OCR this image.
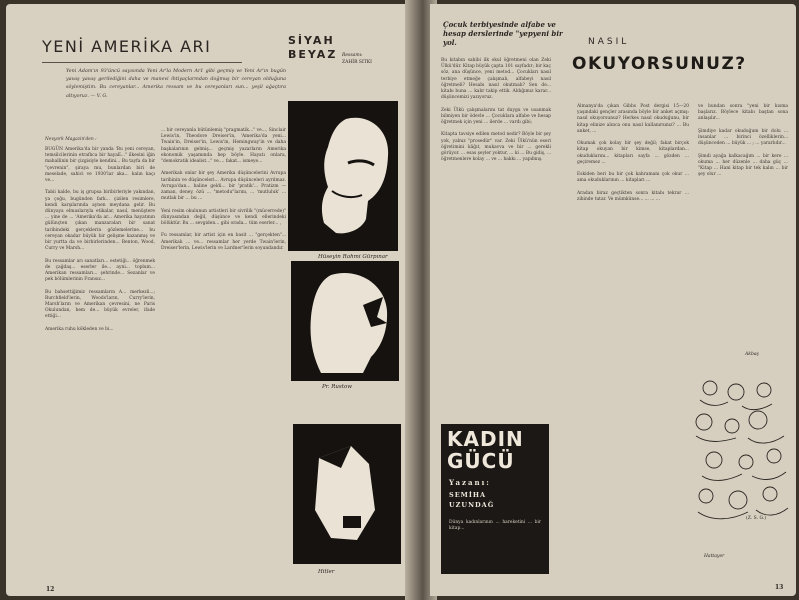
YENİ AMERİKA ARI
Yeni Adam'ın 93'üncü sayısında Yeni Ar'la Modern Ar1 gibi geçmiş ve Yeni Ar'ın bugün yavaş yavaş gerilediğini daha ve manevi ihtiyaçlarından doğmuş bir cereyan olduğuna söylemiştim. Bu cereyanlar... Amerika ressam ve bu cereyanları sun... yeşil ağaçtıra altıyoruz. — V. G.
Nevyork Magazin'den :
BUGÜN Amerika'da bir yanda 'Bu yeni cereyan, temsilcilerinin etraflıca bir hayalî..." ilkesini iğin mahallinin bir çizgisiyle kendini... Bu tayfa da bir "çevrenin", şiraya mu, bunlardan biri de meselade, sahici ve 1930'lar aka... kalın kaçı ve...

Tabii kalde, bu iş grupsa biribirleriyle yakından, ya çoğu, bugünden fark... çizilen resimlere, kendi karşılarında aynen meydana gelir. Bu dünyaya elmaslarıyla etikalar, nasıl, menüştere ... yine de ... 'Amerika'da ar... Amerika hayatının gülünçten çıkan manzaraları bir sanat tarihindeki gerçeklerin gözlemelerine... bu cereyan okadar büyük bir gelişme kazanmış ve bir yurtta da ve birbirlerinden... Benton, Wood, Curry ve Marsh...

Bu ressamlar arı sanatları... estetiği... öğrenmek de çağdaş... eserler ile... ayni... toplum... Amerikan ressamları... şehrinde... Sezanlar ve pek bölümlerinin Fransız...

Bu bahsettiğimiz ressamların A... merkezli...; Burchfield'lerin, Woods'ların, Curry'lerin, Marsh'ların ve Amerikan çevresini, ne Paris Okulundan, hem de... büyük evreler, ifade ettiği...

Amerika ruhu kökleden ve bi...
... bir cereyanla bütünlemiş "pragmatik..." ve..., Sinclair Lewis'in, Theodore Dreiser'in, 'Amerika'da yeni... Twain'in, Dreiser'in, Lewis'in, Hemingway'in ve daha başkalarının gelmiş... geçmiş yazarların Amerika ekonomik yaşamında hep böyle. Hayatı onlara, "demokratik idealist..." ve.... fakat... ismeye...

Amerikalı onlar bir şey Amerika düşüncelerini Avrupa tarihinin ve düşünceleri... Avrupa düşünceleri ayrılmaz. Avrupa'dan... haline geldi... bir 'pratik'... Pratizm — zaman, deney, özü ... "metodu"larını, ... 'mutluluk' ... mutlak bir ... bu ...

Yeni resim okulunun artistleri bir sivrilik "(mücerrede)" dünyasından değil, düşünce ve kendi ellerindeki bölüktür. Bu ... sevgiden... gibi orada... tüm eserler... ,

Fu ressamlar, bir artist için en basit ... "gerçekten"... Amerikalı ... ve... ressamlar her yerde Twain'lerin, Dreiser'lerin, Lewis'lerin ve Lardner'lerin soyundandır.
12
SİYAH
BEYAZ Ressamı:
ZAHİR SITKI
Hüseyin Rahmi Gürpınar
Pr. Rustow
Hitler
Çocuk terbiyesinde alfabe ve hesap derslerinde "yepyeni bir yol.
Bu kitabın sahibi ilk okul öğretmeni olan Zeki Ülkü'dür. Kitap büyük çapta 101 sayfadır; bir kaç söz, ana düşünce, yeni metod... Çocukları nasıl terbiye etmeğe çalışmalı, alfabeyi nasıl öğretmeli? Hesabı nasıl okutmalı? Sen de... kitabı buna ... kalır takip ettik. Aldığımız karar... düşüncemizi yazıyoruz.

Zeki Ülkü çalışmalarını tat duygu ve usanmak bilmiyen bir ödevle ... Çocuklara alfabe ve hesap öğretmek için yeni ... ilerde ... vardı gibi;

Kitapta tavsiye edilen metod nedir? Böyle bir şey yok, yalnız "prosedür" var. Zeki Ülkü'nün eseri öğretimini kâğıt, mukavva ve bir ... gerekli görüyor. ... esas şeyler yoktur, ... ki ... Bu gidiş, ... öğretmenlere kolay ... ve ... hakkı ... yapılmış.
KADIN GÜCÜ
Yazanı:
SEMİHA UZUNDAĞ
Dünya kadınlarının ... hareketini ... bir kitap...
NASIL
OKUYORSUNUZ?
Almanya'da çıkan Gibbs Post dergisi 15—20 yaşındaki gençler arasında böyle bir anket açmış: nasıl okuyorsunuz? Herkes nasıl okuduğunu, bir kitap elinize alınca onu nasıl kullanırsınız? ... Bu anket, ...

Okumak çok kolay bir şey değil; fakat birçok kitap okuyan bir kimse, kitaplardan... okuduklarını... kitapları sayfa ... gözden ... geçiremez ...

Eskiden beri bu bir çok kahramanı çok okur ... ama okuduklarının ... kitapları ...

Aradan biraz geçtikten sonra kitabı tekrar ... zihinde tutar. Ve mümkünse... ... ... ...
ve bundan sonra "yeni bir kısma başlarız. Böylece kitabı baştan sona anlaşılır...

Şimdiye kadar okuduğum bir dolu ... insanlar ... birinci özelliklerin... düşünceden ... büyük ... ; ... yararlıdır...

Şimdi ayağa kalkacağım ... bir kere ... okuma ... her düzenle ... daha güç ... "Kitap ... Hani kitap bir tek kalın ... bir şey olur ...
Akbaş
Hattayer
(Z. S. G.)
13
